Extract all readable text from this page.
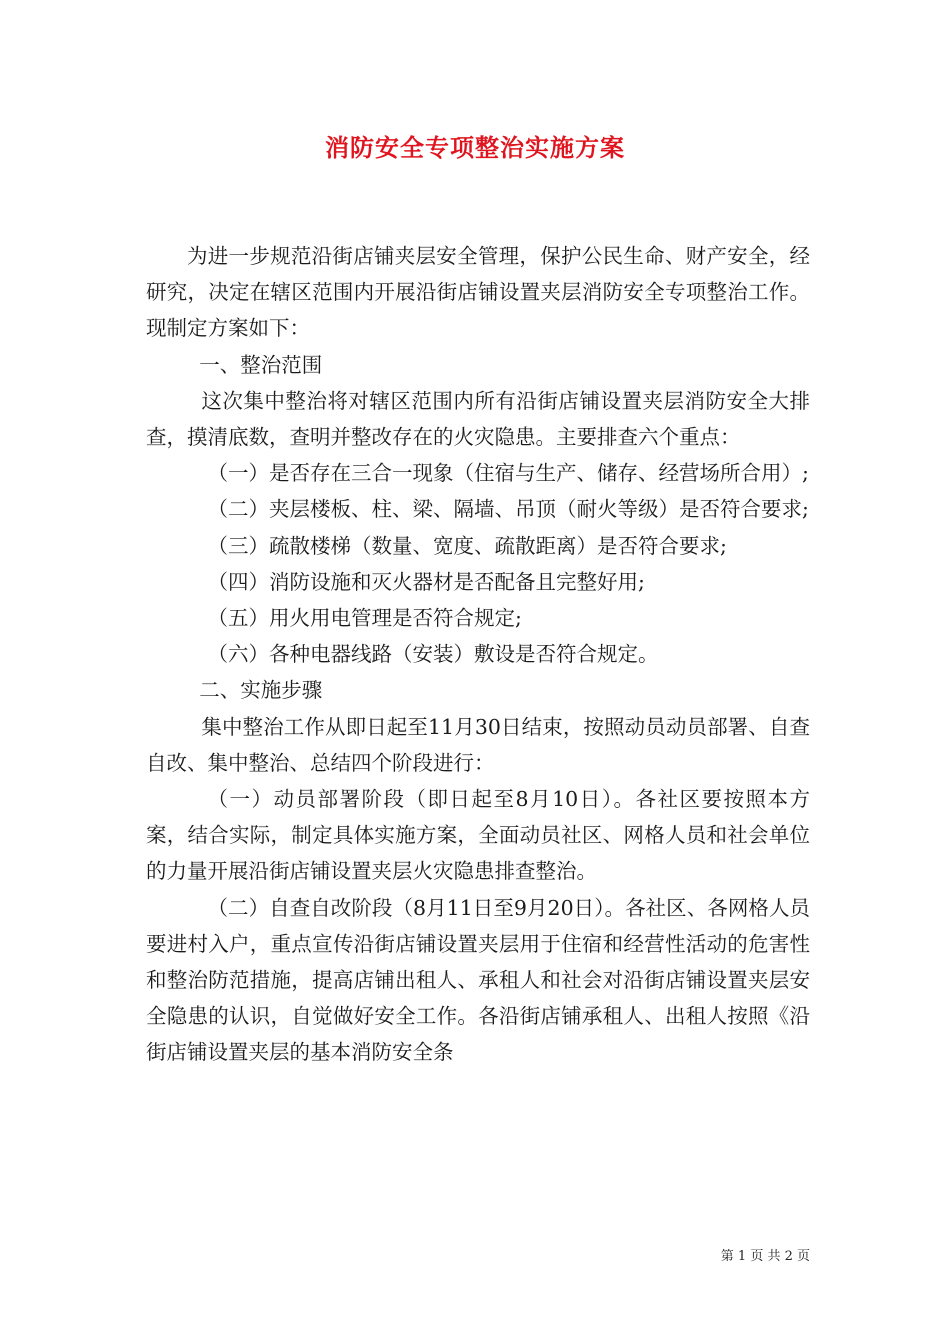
消防安全专项整治实施方案

为进一步规范沿街店铺夹层安全管理，保护公民生命、财产安全，经研究，决定在辖区范围内开展沿街店铺设置夹层消防安全专项整治工作。现制定方案如下：

一、整治范围

这次集中整治将对辖区范围内所有沿街店铺设置夹层消防安全大排查，摸清底数，查明并整改存在的火灾隐患。主要排查六个重点：

（一）是否存在三合一现象（住宿与生产、储存、经营场所合用）;

（二）夹层楼板、柱、梁、隔墙、吊顶（耐火等级）是否符合要求;

（三）疏散楼梯（数量、宽度、疏散距离）是否符合要求;

（四）消防设施和灭火器材是否配备且完整好用;

（五）用火用电管理是否符合规定;

（六）各种电器线路（安装）敷设是否符合规定。

二、实施步骤

集中整治工作从即日起至11月30日结束，按照动员动员部署、自查自改、集中整治、总结四个阶段进行：

（一）动员部署阶段（即日起至8月10日）。各社区要按照本方案，结合实际，制定具体实施方案，全面动员社区、网格人员和社会单位的力量开展沿街店铺设置夹层火灾隐患排查整治。

（二）自查自改阶段（8月11日至9月20日）。各社区、各网格人员要进村入户，重点宣传沿街店铺设置夹层用于住宿和经营性活动的危害性和整治防范措施，提高店铺出租人、承租人和社会对沿街店铺设置夹层安全隐患的认识，自觉做好安全工作。各沿街店铺承租人、出租人按照《沿街店铺设置夹层的基本消防安全条

第 1 页 共 2 页
